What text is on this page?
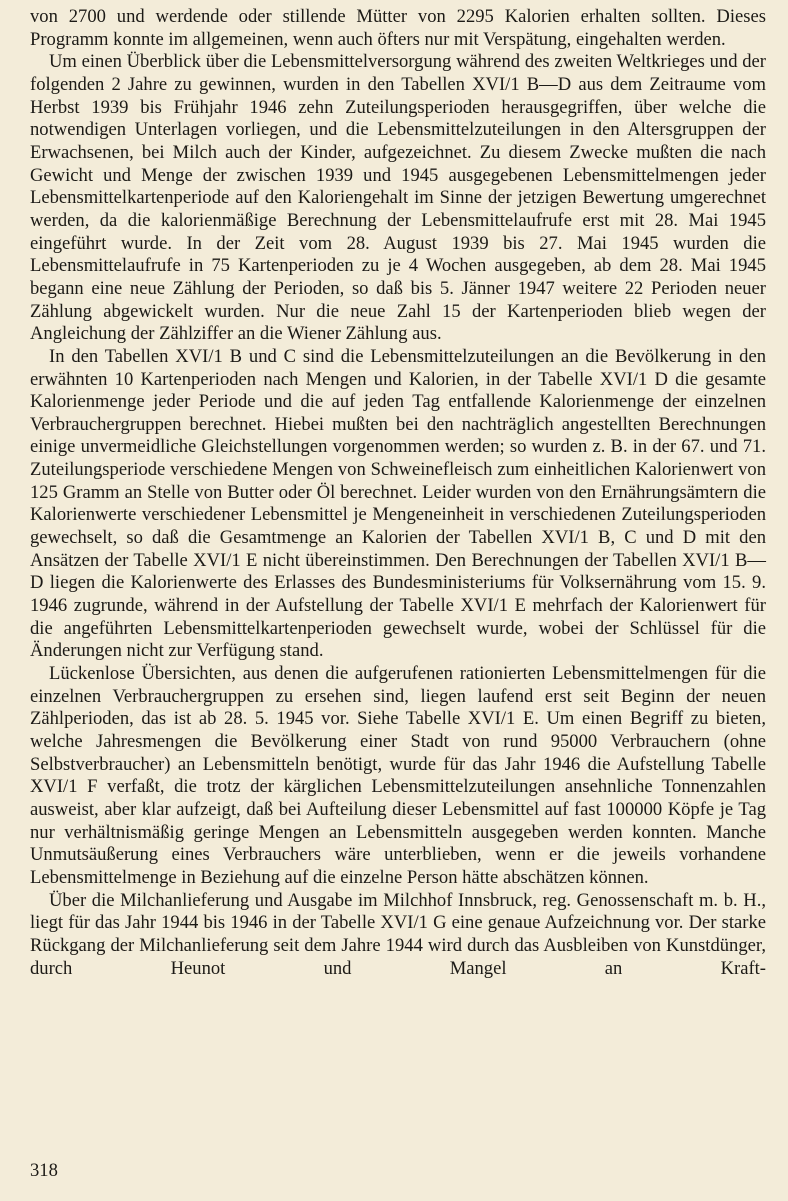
von 2700 und werdende oder stillende Mütter von 2295 Kalorien erhalten sollten. Dieses Programm konnte im allgemeinen, wenn auch öfters nur mit Verspätung, eingehalten werden.

Um einen Überblick über die Lebensmittelversorgung während des zweiten Weltkrieges und der folgenden 2 Jahre zu gewinnen, wurden in den Tabellen XVI/1 B—D aus dem Zeitraume vom Herbst 1939 bis Frühjahr 1946 zehn Zuteilungsperioden herausgegriffen, über welche die notwendigen Unterlagen vorliegen, und die Lebensmittelzuteilungen in den Altersgruppen der Erwachsenen, bei Milch auch der Kinder, aufgezeichnet. Zu diesem Zwecke mußten die nach Gewicht und Menge der zwischen 1939 und 1945 ausgegebenen Lebensmittelmengen jeder Lebensmittelkartenperiode auf den Kaloriengehalt im Sinne der jetzigen Bewertung umgerechnet werden, da die kalorienmäßige Berechnung der Lebensmittelaufrufe erst mit 28. Mai 1945 eingeführt wurde. In der Zeit vom 28. August 1939 bis 27. Mai 1945 wurden die Lebensmittelaufrufe in 75 Kartenperioden zu je 4 Wochen ausgegeben, ab dem 28. Mai 1945 begann eine neue Zählung der Perioden, so daß bis 5. Jänner 1947 weitere 22 Perioden neuer Zählung abgewickelt wurden. Nur die neue Zahl 15 der Kartenperioden blieb wegen der Angleichung der Zählziffer an die Wiener Zählung aus.

In den Tabellen XVI/1 B und C sind die Lebensmittelzuteilungen an die Bevölkerung in den erwähnten 10 Kartenperioden nach Mengen und Kalorien, in der Tabelle XVI/1 D die gesamte Kalorienmenge jeder Periode und die auf jeden Tag entfallende Kalorienmenge der einzelnen Verbrauchergruppen berechnet. Hiebei mußten bei den nachträglich angestellten Berechnungen einige unvermeidliche Gleichstellungen vorgenommen werden; so wurden z. B. in der 67. und 71. Zuteilungsperiode verschiedene Mengen von Schweinefleisch zum einheitlichen Kalorienwert von 125 Gramm an Stelle von Butter oder Öl berechnet. Leider wurden von den Ernährungsämtern die Kalorienwerte verschiedener Lebensmittel je Mengeneinheit in verschiedenen Zuteilungsperioden gewechselt, so daß die Gesamtmenge an Kalorien der Tabellen XVI/1 B, C und D mit den Ansätzen der Tabelle XVI/1 E nicht übereinstimmen. Den Berechnungen der Tabellen XVI/1 B—D liegen die Kalorienwerte des Erlasses des Bundesministeriums für Volksernährung vom 15. 9. 1946 zugrunde, während in der Aufstellung der Tabelle XVI/1 E mehrfach der Kalorienwert für die angeführten Lebensmittelkartenperioden gewechselt wurde, wobei der Schlüssel für die Änderungen nicht zur Verfügung stand.

Lückenlose Übersichten, aus denen die aufgerufenen rationierten Lebensmittelmengen für die einzelnen Verbrauchergruppen zu ersehen sind, liegen laufend erst seit Beginn der neuen Zählperioden, das ist ab 28. 5. 1945 vor. Siehe Tabelle XVI/1 E. Um einen Begriff zu bieten, welche Jahresmengen die Bevölkerung einer Stadt von rund 95000 Verbrauchern (ohne Selbstverbraucher) an Lebensmitteln benötigt, wurde für das Jahr 1946 die Aufstellung Tabelle XVI/1 F verfaßt, die trotz der kärglichen Lebensmittelzuteilungen ansehnliche Tonnenzahlen ausweist, aber klar aufzeigt, daß bei Aufteilung dieser Lebensmittel auf fast 100000 Köpfe je Tag nur verhältnismäßig geringe Mengen an Lebensmitteln ausgegeben werden konnten. Manche Unmutsäußerung eines Verbrauchers wäre unterblieben, wenn er die jeweils vorhandene Lebensmittelmenge in Beziehung auf die einzelne Person hätte abschätzen können.

Über die Milchanlieferung und Ausgabe im Milchhof Innsbruck, reg. Genossenschaft m. b. H., liegt für das Jahr 1944 bis 1946 in der Tabelle XVI/1 G eine genaue Aufzeichnung vor. Der starke Rückgang der Milchanlieferung seit dem Jahre 1944 wird durch das Ausbleiben von Kunstdünger, durch Heunot und Mangel an Kraft-

318
